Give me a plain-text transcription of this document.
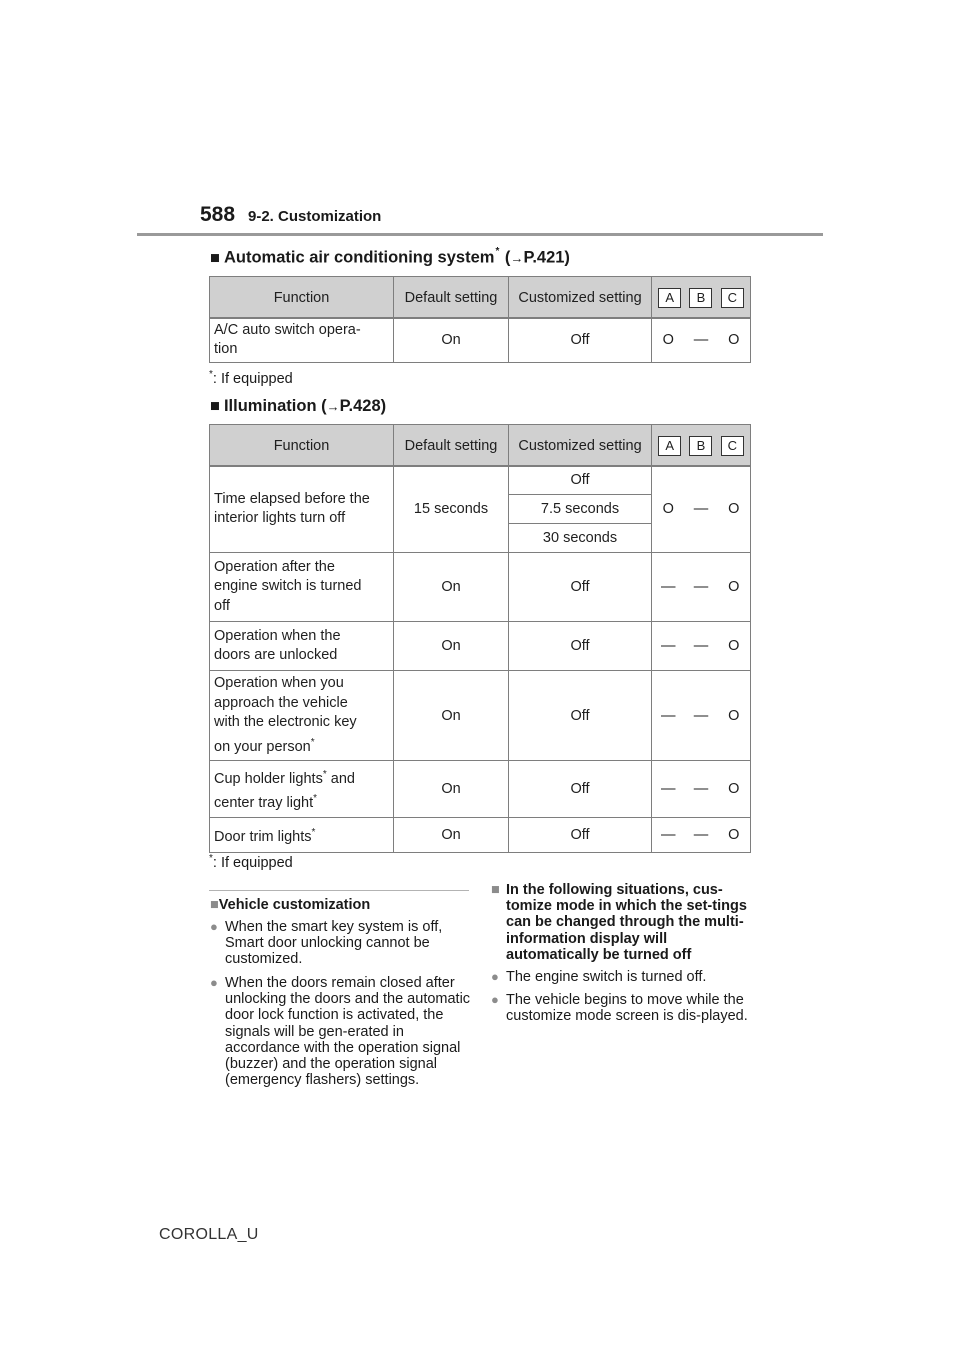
588 9-2. Customization
■ Automatic air conditioning system* (→P.421)
Function	Default setting	Customized setting	A	B	C
A/C auto switch opera-
tion	On	Off	O	—	O
*: If equipped
■ Illumination (→P.428)
Function	Default setting	Customized setting	A	B	C
Time elapsed before the
interior lights turn off	15 seconds	Off	O	—	O
		7.5 seconds			
		30 seconds			
Operation after the
engine switch is turned
off	On	Off	—	—	O
Operation when the
doors are unlocked	On	Off	—	—	O
Operation when you
approach the vehicle
with the electronic key
on your person*	On	Off	—	—	O
Cup holder lights* and
center tray light*	On	Off	—	—	O
Door trim lights*	On	Off	—	—	O
*: If equipped
■Vehicle customization
● When the smart key system is off, Smart door unlocking cannot be customized.
● When the doors remain closed after unlocking the doors and the automatic door lock function is activated, the signals will be gen-erated in accordance with the operation signal (buzzer) and the operation signal (emergency flashers) settings.
■ In the following situations, cus-tomize mode in which the set-tings can be changed through the multi-information display will automatically be turned off
● The engine switch is turned off.
● The vehicle begins to move while the customize mode screen is dis-played.
COROLLA_U
